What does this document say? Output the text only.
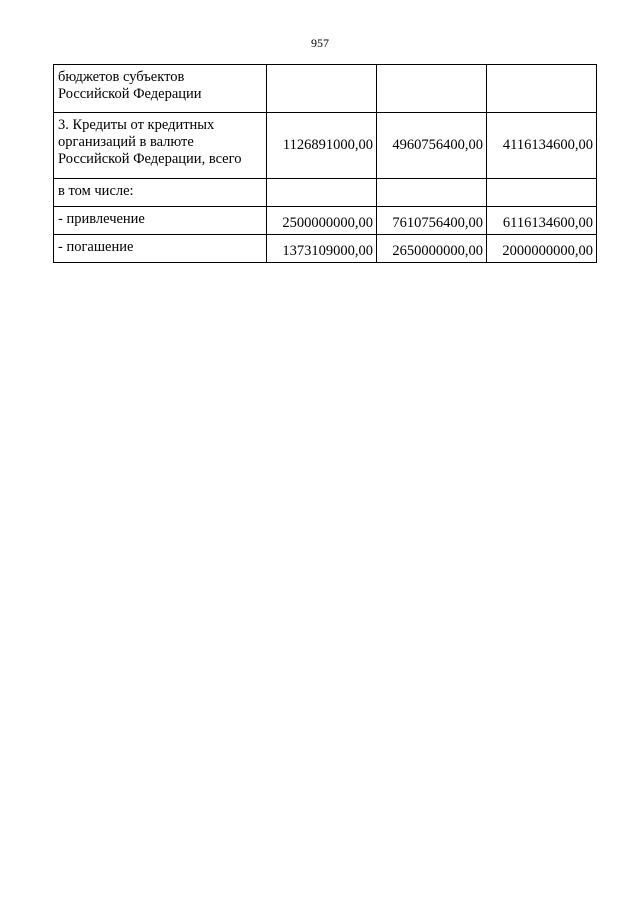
957
бюджетов субъектов
Российской Федерации			

3. Кредиты от кредитных
организаций в валюте
Российской Федерации, всего	1126891000,00	4960756400,00	4116134600,00

в том числе:			

- привлечение	2500000000,00	7610756400,00	6116134600,00

- погашение	1373109000,00	2650000000,00	2000000000,00
